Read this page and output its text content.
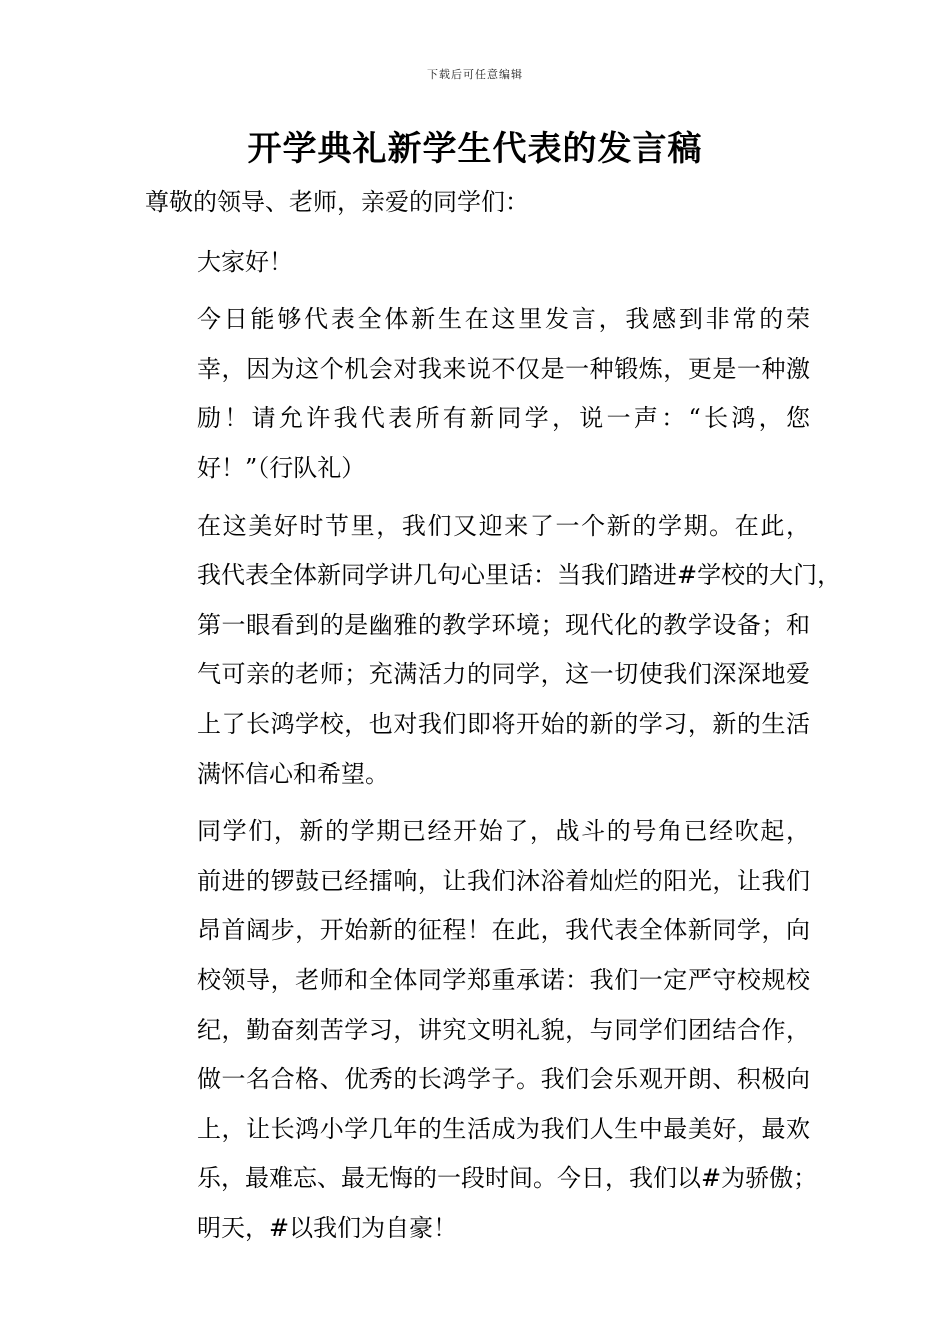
下载后可任意编辑
开学典礼新学生代表的发言稿

尊敬的领导、老师，亲爱的同学们：

大家好！

今日能够代表全体新生在这里发言，我感到非常的荣
幸，因为这个机会对我来说不仅是一种锻炼，更是一种激
励！请允许我代表所有新同学，说一声：“长鸿，您
好！”（行队礼）

在这美好时节里，我们又迎来了一个新的学期。在此，
我代表全体新同学讲几句心里话：当我们踏进#学校的大门，
第一眼看到的是幽雅的教学环境；现代化的教学设备；和
气可亲的老师；充满活力的同学，这一切使我们深深地爱
上了长鸿学校，也对我们即将开始的新的学习，新的生活
满怀信心和希望。

同学们，新的学期已经开始了，战斗的号角已经吹起，
前进的锣鼓已经擂响，让我们沐浴着灿烂的阳光，让我们
昂首阔步，开始新的征程！在此，我代表全体新同学，向
校领导，老师和全体同学郑重承诺：我们一定严守校规校
纪，勤奋刻苦学习，讲究文明礼貌，与同学们团结合作，
做一名合格、优秀的长鸿学子。我们会乐观开朗、积极向
上，让长鸿小学几年的生活成为我们人生中最美好，最欢
乐，最难忘、最无悔的一段时间。今日，我们以#为骄傲；
明天，#以我们为自豪！
